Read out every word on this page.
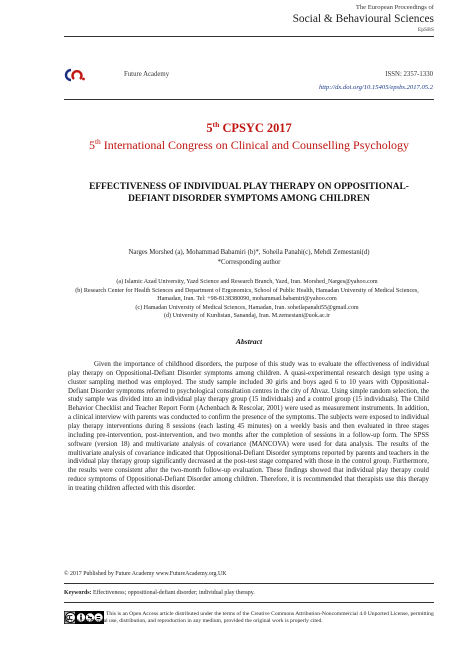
The European Proceedings of
Social & Behavioural Sciences
EpSBS
Future Academy	ISSN: 2357-1330
http://dx.doi.org/10.15405/epsbs.2017.05.2
5th CPSYC 2017
5th International Congress on Clinical and Counselling Psychology
EFFECTIVENESS OF INDIVIDUAL PLAY THERAPY ON OPPOSITIONAL-DEFIANT DISORDER SYMPTOMS AMONG CHILDREN
Narges Morshed (a), Mohammad Babamiri (b)*, Soheila Panahi(c), Mehdi Zemestani(d)
*Corresponding author
(a) Islamic Azad University, Yazd Science and Research Branch, Yazd, Iran. Morshed_Narges@yahoo.com
(b) Research Center for Health Sciences and Department of Ergonomics, School of Public Health, Hamadan University of Medical Sciences, Hamadan, Iran. Tel: +98-8138380090, mohammad.babamiri@yahoo.com
(c) Hamadan University of Medical Sciences, Hamadan, Iran. soheilapanahi55@gmail.com
(d) University of Kurdistan, Sanandaj, Iran. M.zemestani@uok.ac.ir
Abstract
Given the importance of childhood disorders, the purpose of this study was to evaluate the effectiveness of individual play therapy on Oppositional-Defiant Disorder symptoms among children. A quasi-experimental research design type using a cluster sampling method was employed. The study sample included 30 girls and boys aged 6 to 10 years with Oppositional-Defiant Disorder symptoms referred to psychological consultation centres in the city of Ahvaz. Using simple random selection, the study sample was divided into an individual play therapy group (15 individuals) and a control group (15 individuals). The Child Behavior Checklist and Teacher Report Form (Achenbach & Rescolar, 2001) were used as measurement instruments. In addition, a clinical interview with parents was conducted to confirm the presence of the symptoms. The subjects were exposed to individual play therapy interventions during 8 sessions (each lasting 45 minutes) on a weekly basis and then evaluated in three stages including pre-intervention, post-intervention, and two months after the completion of sessions in a follow-up form. The SPSS software (version 18) and multivariate analysis of covariance (MANCOVA) were used for data analysis. The results of the multivariate analysis of covariance indicated that Oppositional-Defiant Disorder symptoms reported by parents and teachers in the individual play therapy group significantly decreased at the post-test stage compared with those in the control group. Furthermore, the results were consistent after the two-month follow-up evaluation. These findings showed that individual play therapy could reduce symptoms of Oppositional-Defiant Disorder among children. Therefore, it is recommended that therapists use this therapy in treating children affected with this disorder.
© 2017 Published by Future Academy www.FutureAcademy.org.UK
Keywords: Effectiveness; oppositional-defiant disorder; individual play therapy.
This is an Open Access article distributed under the terms of the Creative Commons Attribution-Noncommercial 4.0 Unported License, permitting all non-commercial use, distribution, and reproduction in any medium, provided the original work is properly cited.
